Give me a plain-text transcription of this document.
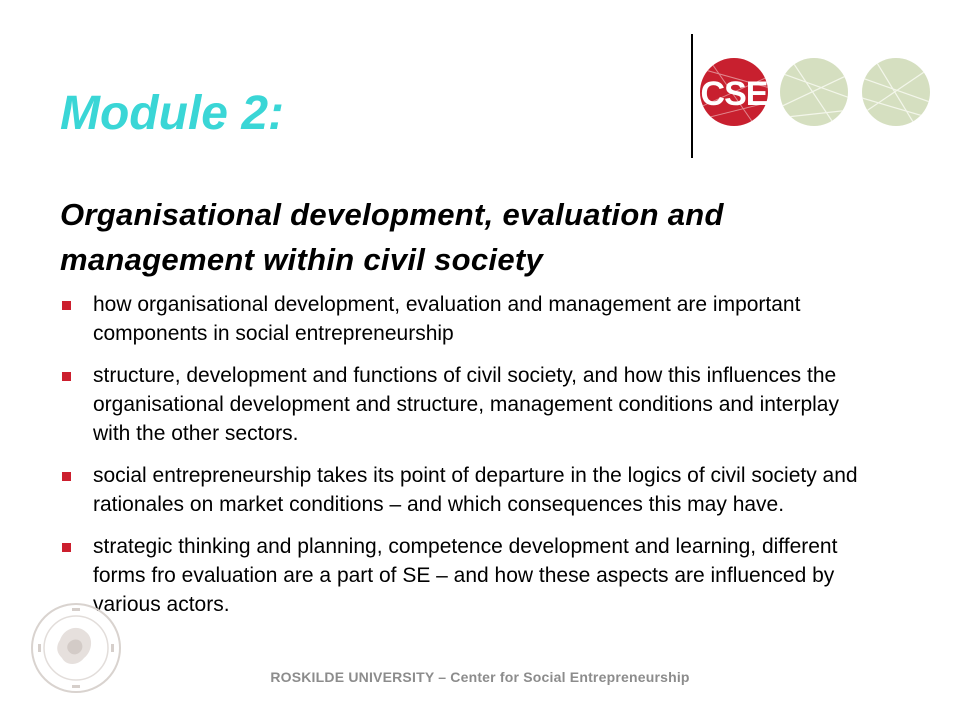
Module 2:	CSE
Organisational development, evaluation and management within civil society
how organisational development, evaluation and management are important components in social entrepreneurship
structure, development and functions of civil society, and how this influences the organisational development and structure, management conditions and interplay with the other sectors.
social entrepreneurship takes its point of departure in the logics of civil society and rationales on market conditions – and which consequences this may have.
strategic thinking and planning, competence development and learning, different forms fro evaluation are a part of SE – and how these aspects are influenced by various actors.
ROSKILDE UNIVERSITY – Center for Social Entrepreneurship
